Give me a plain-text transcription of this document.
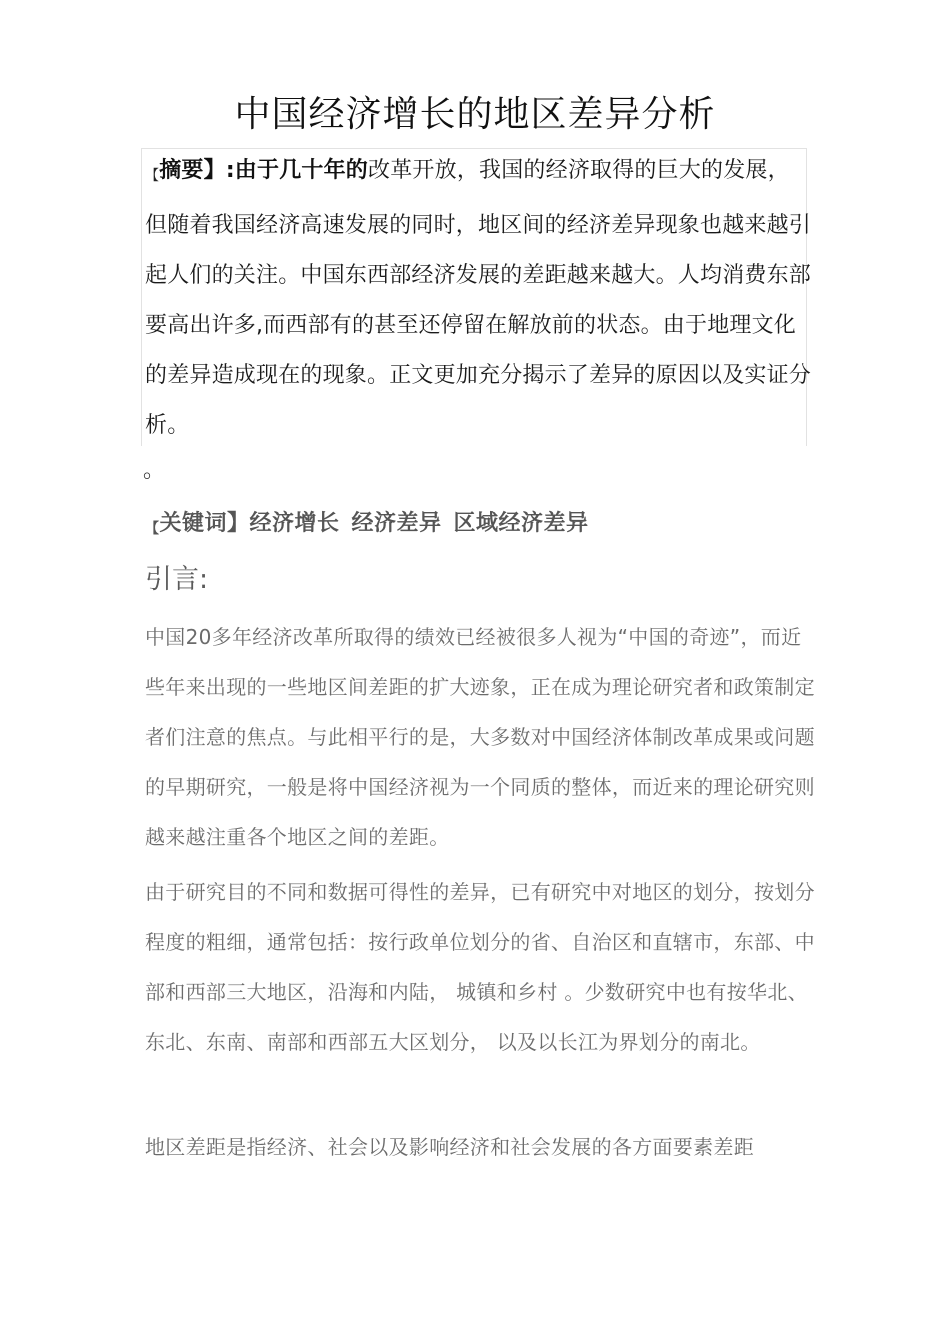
中国经济增长的地区差异分析
【摘要】:由于几十年的改革开放，我国的经济取得的巨大的发展，但随着我国经济高速发展的同时，地区间的经济差异现象也越来越引起人们的关注。中国东西部经济发展的差距越来越大。人均消费东部要高出许多,而西部有的甚至还停留在解放前的状态。由于地理文化的差异造成现在的现象。正文更加充分揭示了差异的原因以及实证分析。
。
【关键词】经济增长 经济差异 区域经济差异
引言:
中国20多年经济改革所取得的绩效已经被很多人视为“中国的奇迹”，而近些年来出现的一些地区间差距的扩大迹象，正在成为理论研究者和政策制定者们注意的焦点。与此相平行的是，大多数对中国经济体制改革成果或问题的早期研究，一般是将中国经济视为一个同质的整体，而近来的理论研究则越来越注重各个地区之间的差距。
由于研究目的不同和数据可得性的差异，已有研究中对地区的划分，按划分程度的粗细，通常包括：按行政单位划分的省、自治区和直辖市，东部、中部和西部三大地区，沿海和内陆， 城镇和乡村 。少数研究中也有按华北、东北、东南、南部和西部五大区划分， 以及以长江为界划分的南北。
地区差距是指经济、社会以及影响经济和社会发展的各方面要素差距
